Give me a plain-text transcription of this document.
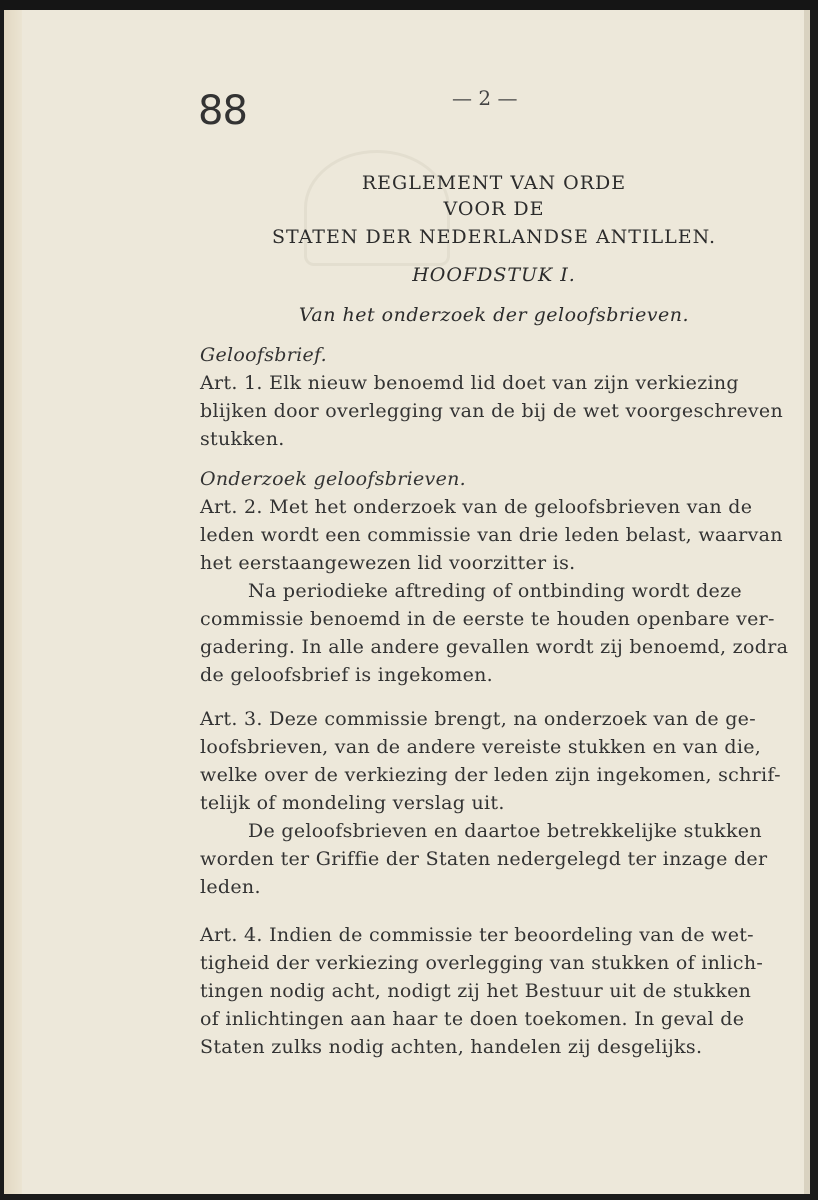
88	— 2 —
REGLEMENT VAN ORDE
VOOR DE
STATEN DER NEDERLANDSE ANTILLEN.
HOOFDSTUK I.
Van het onderzoek der geloofsbrieven.
Geloofsbrief.
Art. 1. Elk nieuw benoemd lid doet van zijn verkiezing
blijken door overlegging van de bij de wet voorgeschreven
stukken.
Onderzoek geloofsbrieven.
Art. 2. Met het onderzoek van de geloofsbrieven van de
leden wordt een commissie van drie leden belast, waarvan
het eerstaangewezen lid voorzitter is.
Na periodieke aftreding of ontbinding wordt deze
commissie benoemd in de eerste te houden openbare ver-
gadering. In alle andere gevallen wordt zij benoemd, zodra
de geloofsbrief is ingekomen.
Art. 3. Deze commissie brengt, na onderzoek van de ge-
loofsbrieven, van de andere vereiste stukken en van die,
welke over de verkiezing der leden zijn ingekomen, schrif-
telijk of mondeling verslag uit.
De geloofsbrieven en daartoe betrekkelijke stukken
worden ter Griffie der Staten nedergelegd ter inzage der
leden.
Art. 4. Indien de commissie ter beoordeling van de wet-
tigheid der verkiezing overlegging van stukken of inlich-
tingen nodig acht, nodigt zij het Bestuur uit de stukken
of inlichtingen aan haar te doen toekomen. In geval de
Staten zulks nodig achten, handelen zij desgelijks.
